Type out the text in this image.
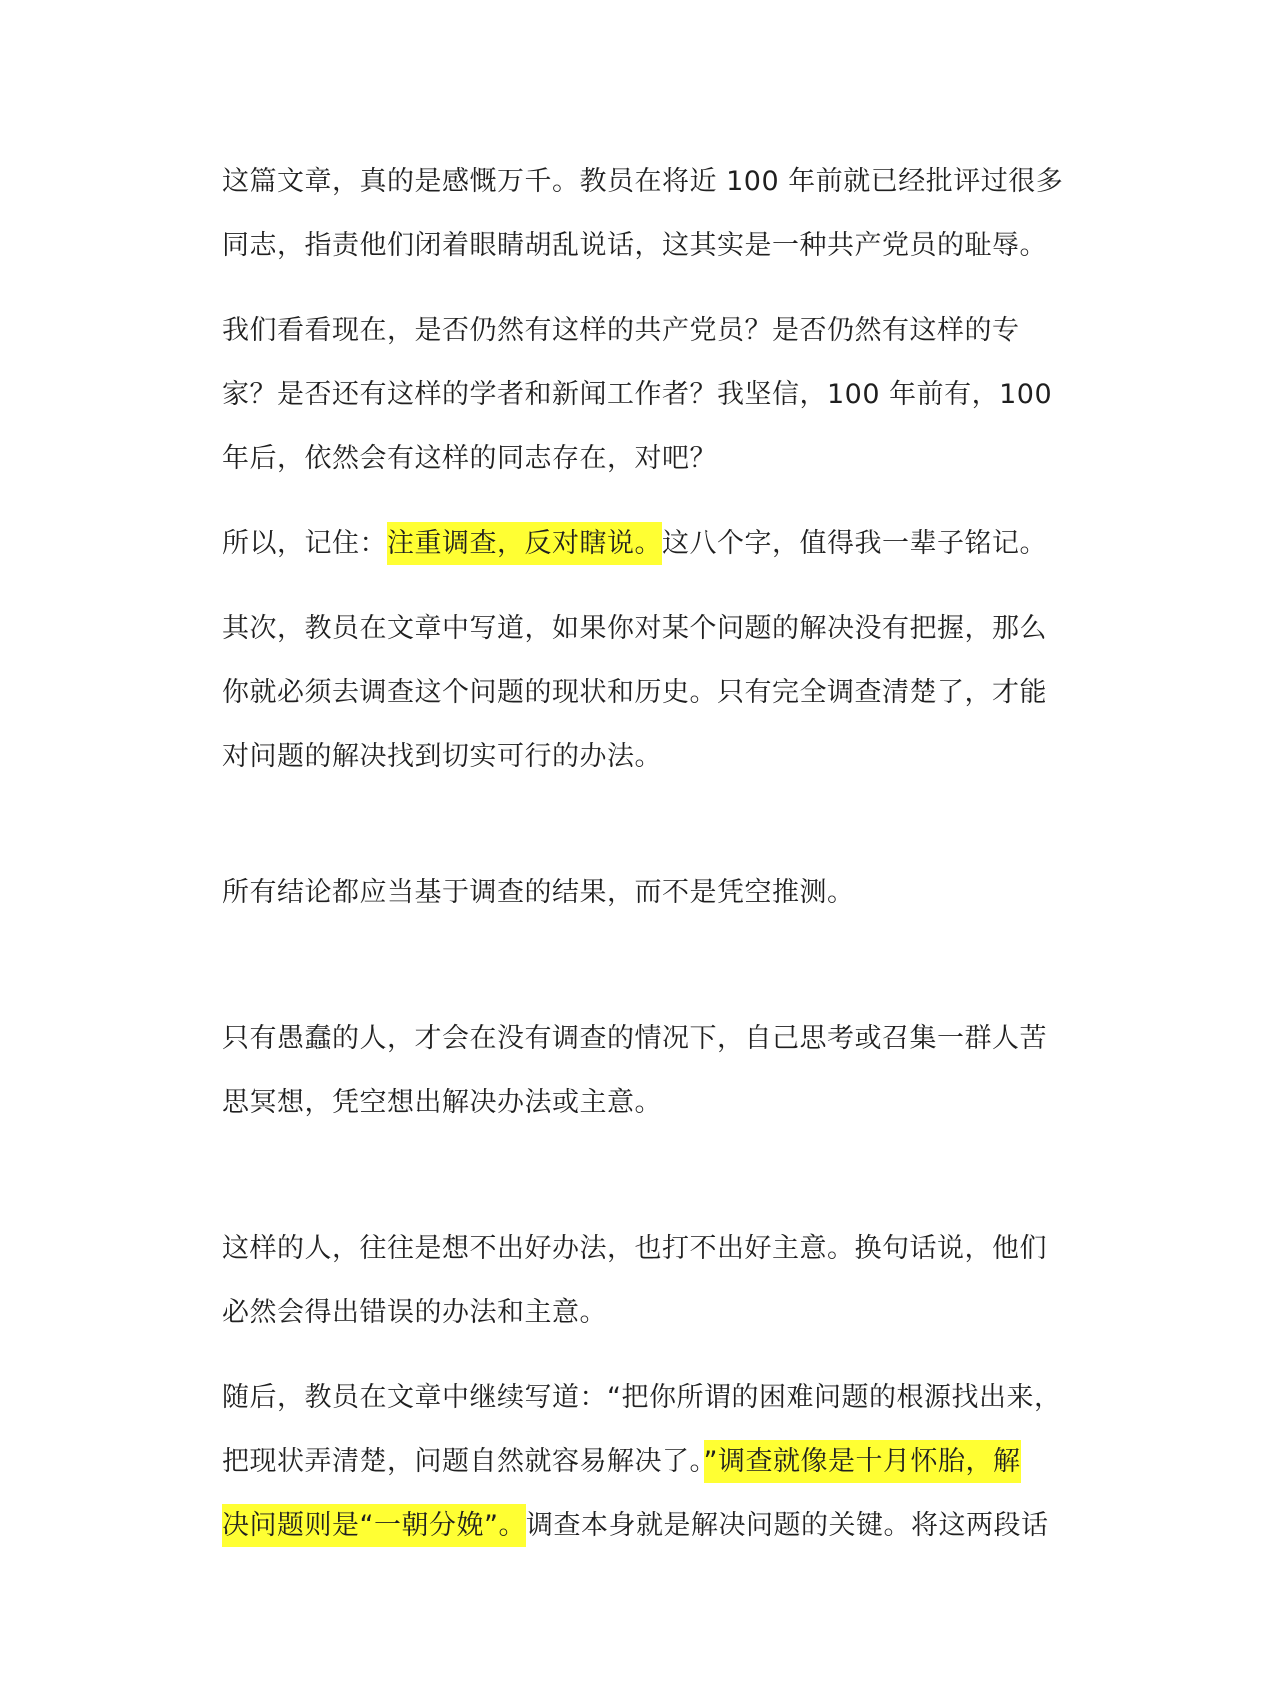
这篇文章，真的是感慨万千。教员在将近 100 年前就已经批评过很多
同志，指责他们闭着眼睛胡乱说话，这其实是一种共产党员的耻辱。

我们看看现在，是否仍然有这样的共产党员？是否仍然有这样的专
家？是否还有这样的学者和新闻工作者？我坚信，100 年前有，100
年后，依然会有这样的同志存在，对吧？

所以，记住：注重调查，反对瞎说。这八个字，值得我一辈子铭记。

其次，教员在文章中写道，如果你对某个问题的解决没有把握，那么
你就必须去调查这个问题的现状和历史。只有完全调查清楚了，才能
对问题的解决找到切实可行的办法。

所有结论都应当基于调查的结果，而不是凭空推测。

只有愚蠢的人，才会在没有调查的情况下，自己思考或召集一群人苦
思冥想，凭空想出解决办法或主意。

这样的人，往往是想不出好办法，也打不出好主意。换句话说，他们
必然会得出错误的办法和主意。

随后，教员在文章中继续写道：“把你所谓的困难问题的根源找出来，
把现状弄清楚，问题自然就容易解决了。”调查就像是十月怀胎，解
决问题则是“一朝分娩”。调查本身就是解决问题的关键。将这两段话
